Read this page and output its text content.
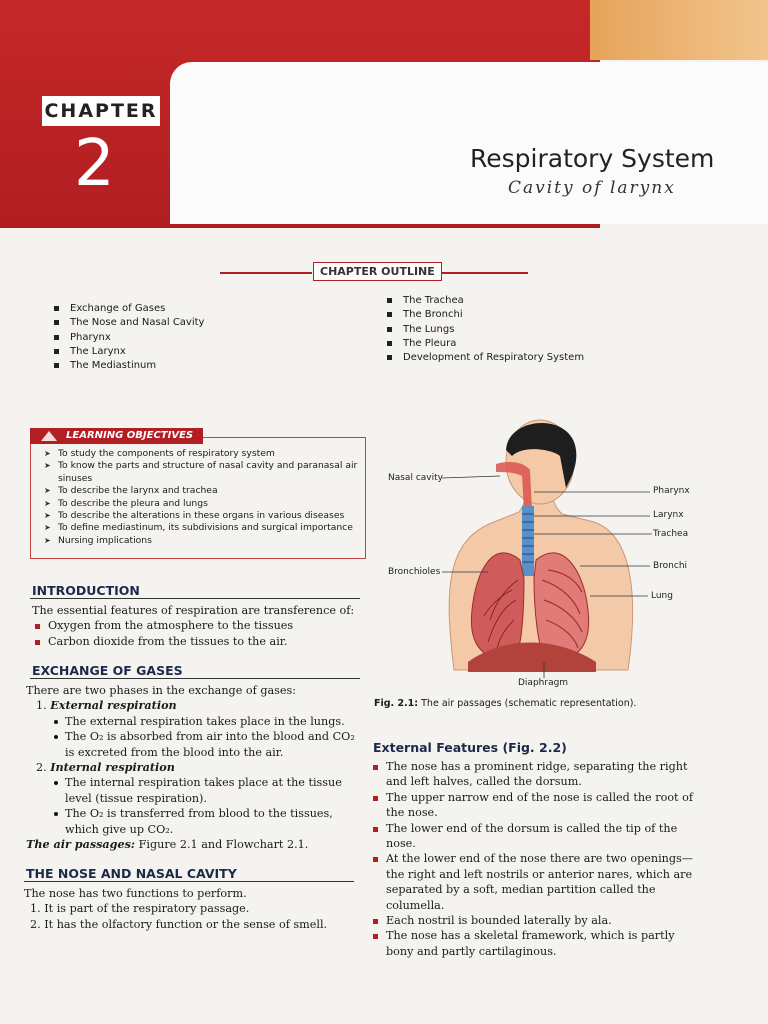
CHAPTER
2	Respiratory System
Cavity of larynx
CHAPTER OUTLINE
Exchange of Gases
The Nose and Nasal Cavity
Pharynx
The Larynx
The Mediastinum
The Trachea
The Bronchi
The Lungs
The Pleura
Development of Respiratory System
LEARNING OBJECTIVES
➤ To study the components of respiratory system
➤ To know the parts and structure of nasal cavity and paranasal air sinuses
➤ To describe the larynx and trachea
➤ To describe the pleura and lungs
➤ To describe the alterations in these organs in various diseases
➤ To define mediastinum, its subdivisions and surgical importance
➤ Nursing implications
INTRODUCTION
The essential features of respiration are transference of:
Oxygen from the atmosphere to the tissues
Carbon dioxide from the tissues to the air.
EXCHANGE OF GASES
There are two phases in the exchange of gases:
1. External respiration
The external respiration takes place in the lungs.
The O₂ is absorbed from air into the blood and CO₂ is excreted from the blood into the air.
2. Internal respiration
The internal respiration takes place at the tissue level (tissue respiration).
The O₂ is transferred from blood to the tissues, which give up CO₂.
The air passages: Figure 2.1 and Flowchart 2.1.
THE NOSE AND NASAL CAVITY
The nose has two functions to perform.
1. It is part of the respiratory passage.
2. It has the olfactory function or the sense of smell.
Nasal cavity
Pharynx
Larynx
Trachea
Bronchioles
Bronchi
Lung
Diaphragm
Fig. 2.1: The air passages (schematic representation).
External Features (Fig. 2.2)
The nose has a prominent ridge, separating the right and left halves, called the dorsum.
The upper narrow end of the nose is called the root of the nose.
The lower end of the dorsum is called the tip of the nose.
At the lower end of the nose there are two openings—the right and left nostrils or anterior nares, which are separated by a soft, median partition called the columella.
Each nostril is bounded laterally by ala.
The nose has a skeletal framework, which is partly bony and partly cartilaginous.
